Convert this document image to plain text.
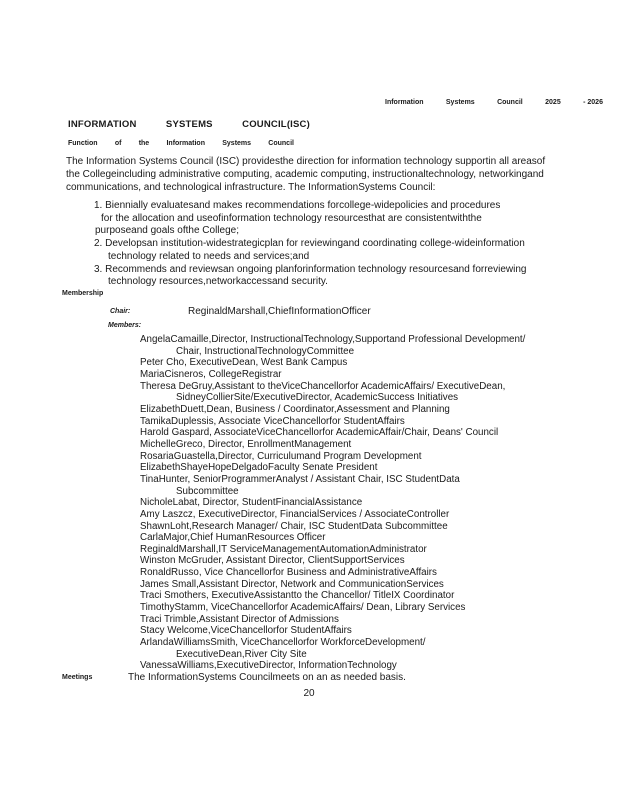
Information	Systems	Council	2025	- 2026
INFORMATION	SYSTEMS	COUNCIL(ISC)
Function of the Information Systems Council
The Information Systems Council (ISC) providesthe direction for information technology supportin all areasof
the Collegeincluding administrative computing, academic computing, instructionaltechnology, networkingand
communications, and technological infrastructure. The InformationSystems Council:
1. Biennially evaluatesand makes recommendations forcollege-widepolicies and procedures
for the allocation and useofinformation technology resourcesthat are consistentwiththe
purposeand goals ofthe College;
2. Developsan institution-widestrategicplan for reviewingand coordinating college-wideinformation
technology related to needs and services;and
3. Recommends and reviewsan ongoing planforinformation technology resourcesand forreviewing
technology resources,networkaccessand security.
Membership
Chair:	ReginaldMarshall,ChiefInformationOfficer
Members:
AngelaCamaille,Director, InstructionalTechnology,Supportand Professional Development/
Chair, InstructionalTechnologyCommittee
Peter Cho, ExecutiveDean, West Bank Campus
MariaCisneros, CollegeRegistrar
Theresa DeGruy,Assistant to theViceChancellorfor AcademicAffairs/ ExecutiveDean,
SidneyCollierSite/ExecutiveDirector, AcademicSuccess Initiatives
ElizabethDuett,Dean, Business / Coordinator,Assessment and Planning
TamikaDuplessis, Associate ViceChancellorfor StudentAffairs
Harold Gaspard, AssociateViceChancellorfor AcademicAffair/Chair, Deans' Council
MichelleGreco, Director, EnrollmentManagement
RosariaGuastella,Director, Curriculumand Program Development
ElizabethShayeHopeDelgadoFaculty Senate President
TinaHunter, SeniorProgrammerAnalyst / Assistant Chair, ISC StudentData
Subcommittee
NicholeLabat, Director, StudentFinancialAssistance
Amy Laszcz, ExecutiveDirector, FinancialServices / AssociateController
ShawnLoht,Research Manager/ Chair, ISC StudentData Subcommittee
CarlaMajor,Chief HumanResources Officer
ReginaldMarshall,IT ServiceManagementAutomationAdministrator
Winston McGruder, Assistant Director, ClientSupportServices
RonaldRusso, Vice Chancellorfor Business and AdministrativeAffairs
James Small,Assistant Director, Network and CommunicationServices
Traci Smothers, ExecutiveAssistantto the Chancellor/ TitleIX Coordinator
TimothyStamm, ViceChancellorfor AcademicAffairs/ Dean, Library Services
Traci Trimble,Assistant Director of Admissions
Stacy Welcome,ViceChancellorfor StudentAffairs
ArlandaWilliamsSmith, ViceChancellorfor WorkforceDevelopment/
ExecutiveDean,River City Site
VanessaWilliams,ExecutiveDirector, InformationTechnology
Meetings	The InformationSystems Councilmeets on an as needed basis.
20
